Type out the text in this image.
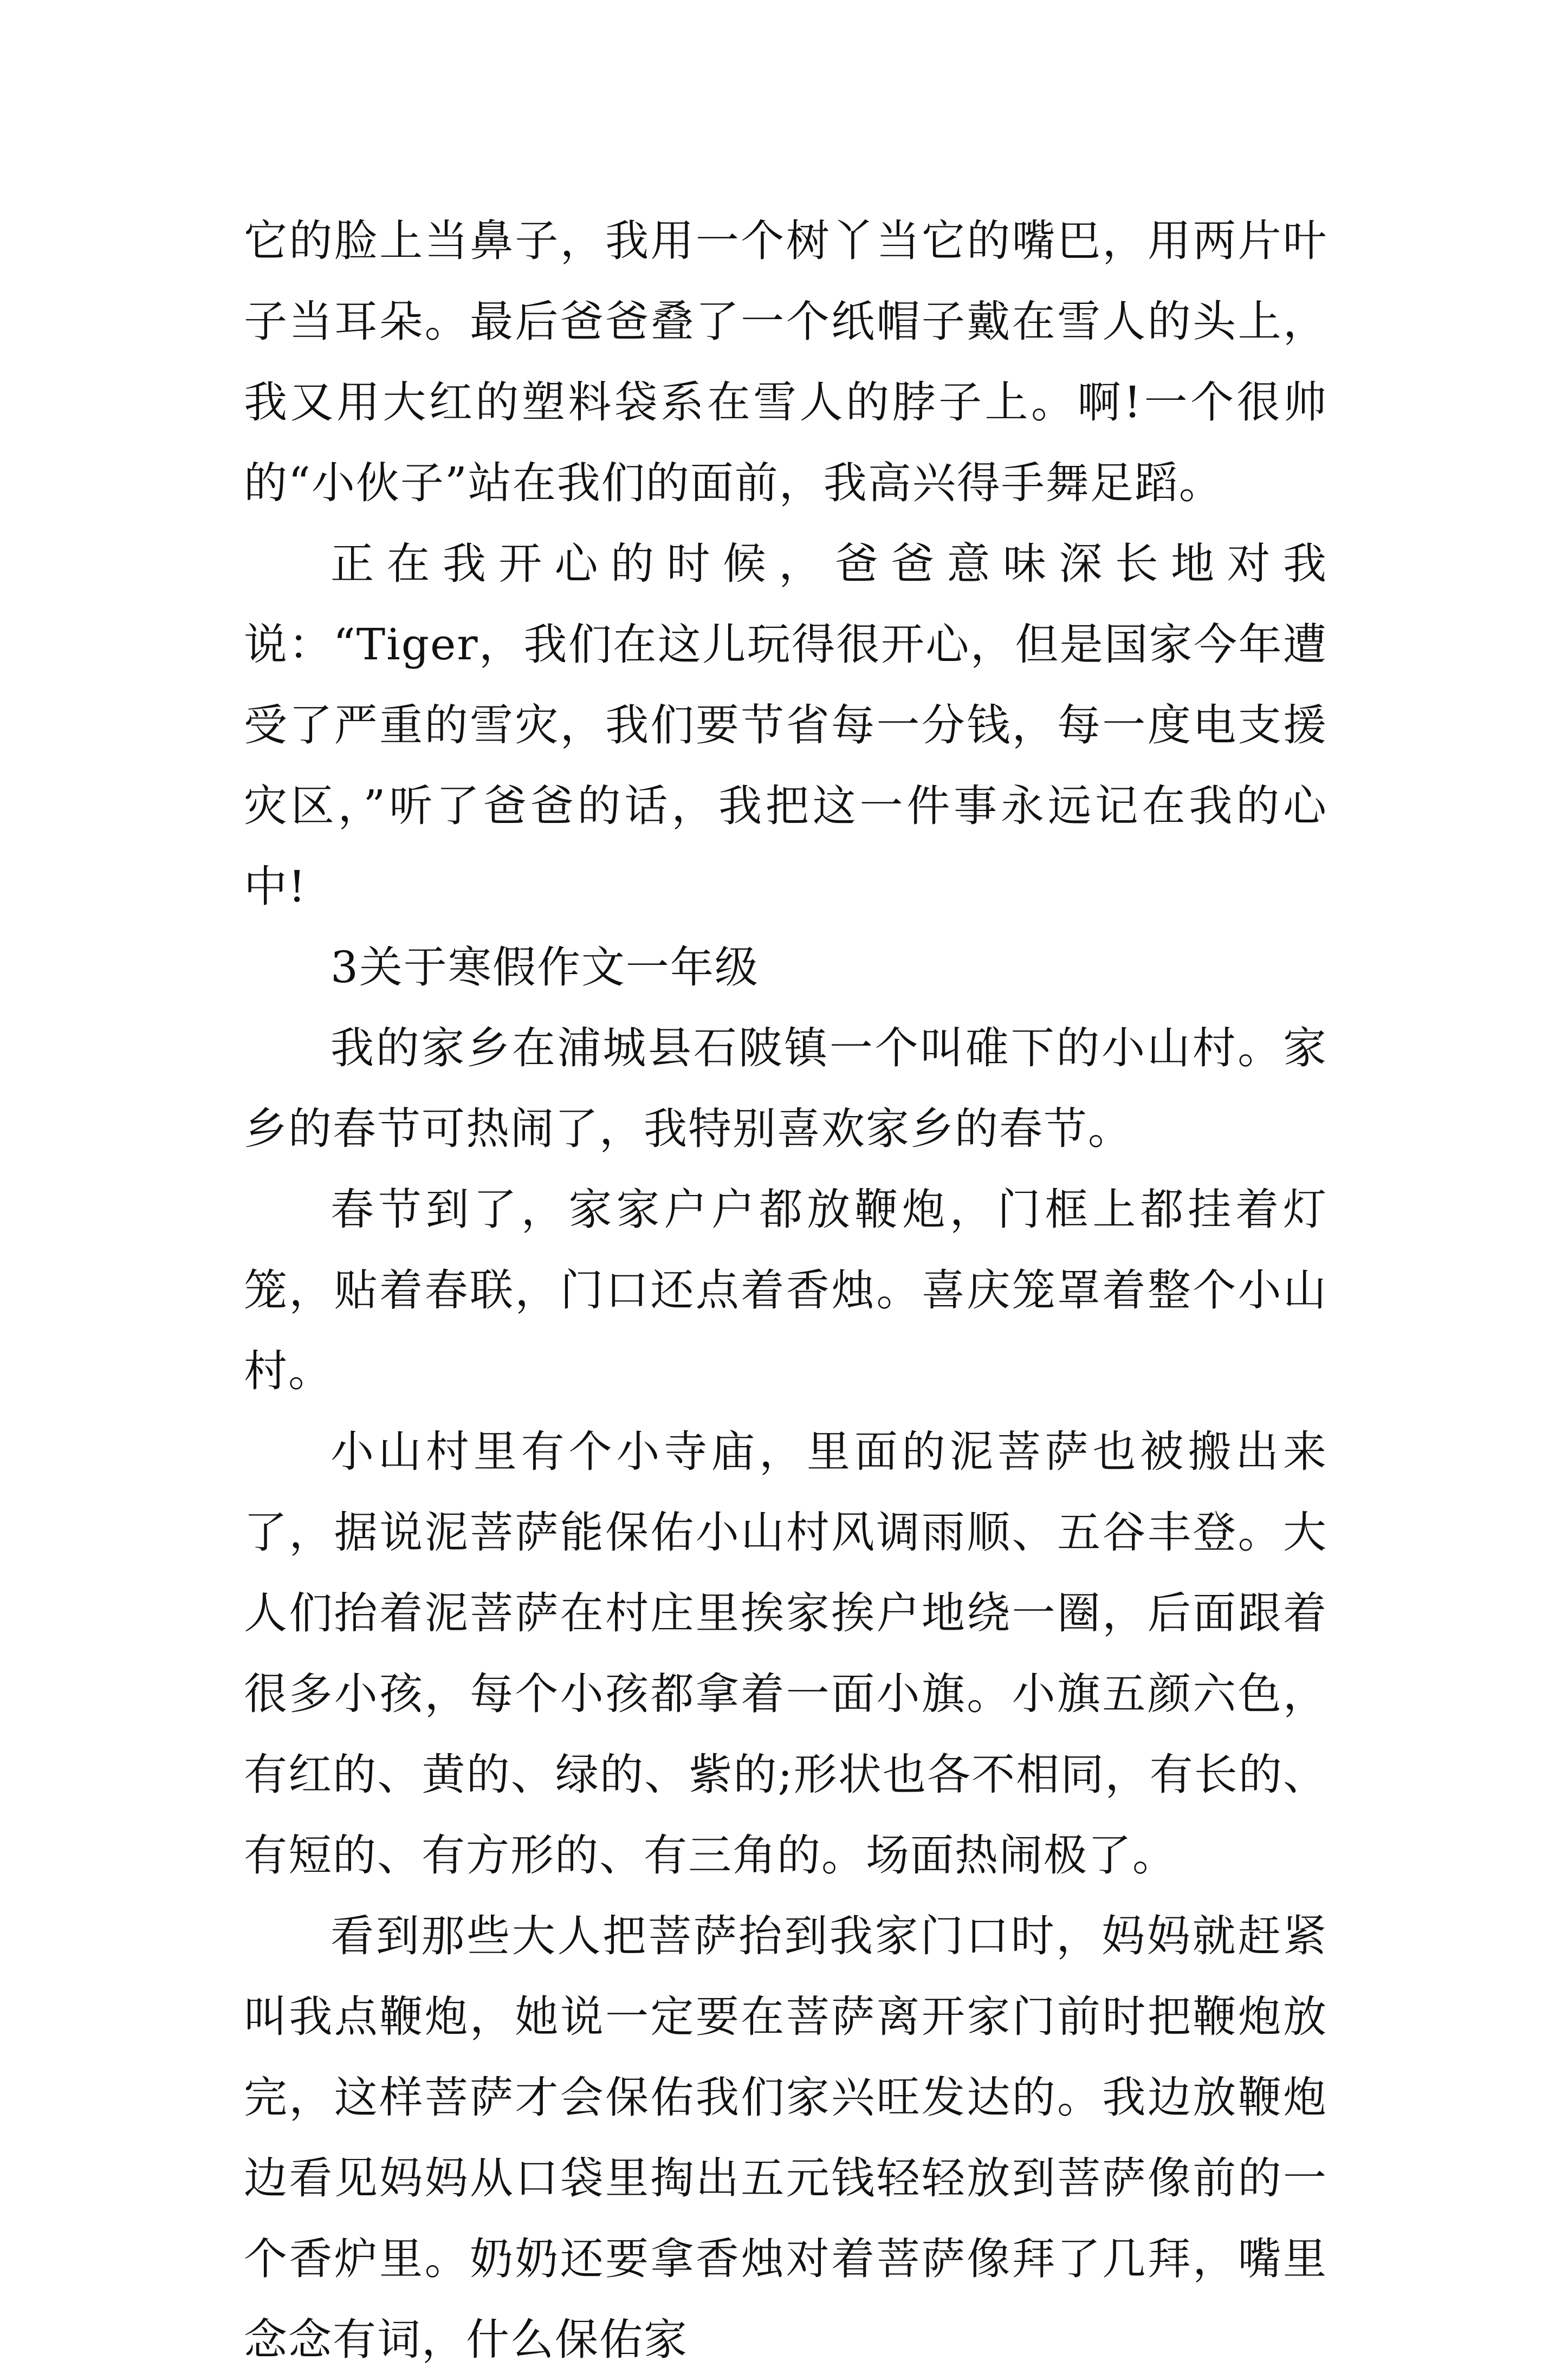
它的脸上当鼻子，我用一个树丫当它的嘴巴，用两片叶子当耳朵。最后爸爸叠了一个纸帽子戴在雪人的头上，我又用大红的塑料袋系在雪人的脖子上。啊!一个很帅的“小伙子”站在我们的面前，我高兴得手舞足蹈。

正在我开心的时候，爸爸意味深长地对我说：“Tiger，我们在这儿玩得很开心，但是国家今年遭受了严重的雪灾，我们要节省每一分钱，每一度电支援灾区，”听了爸爸的话，我把这一件事永远记在我的心中!

3关于寒假作文一年级

我的家乡在浦城县石陂镇一个叫碓下的小山村。家乡的春节可热闹了，我特别喜欢家乡的春节。

春节到了，家家户户都放鞭炮，门框上都挂着灯笼，贴着春联，门口还点着香烛。喜庆笼罩着整个小山村。

小山村里有个小寺庙，里面的泥菩萨也被搬出来了，据说泥菩萨能保佑小山村风调雨顺、五谷丰登。大人们抬着泥菩萨在村庄里挨家挨户地绕一圈，后面跟着很多小孩，每个小孩都拿着一面小旗。小旗五颜六色，有红的、黄的、绿的、紫的;形状也各不相同，有长的、有短的、有方形的、有三角的。场面热闹极了。

看到那些大人把菩萨抬到我家门口时，妈妈就赶紧叫我点鞭炮，她说一定要在菩萨离开家门前时把鞭炮放完，这样菩萨才会保佑我们家兴旺发达的。我边放鞭炮边看见妈妈从口袋里掏出五元钱轻轻放到菩萨像前的一个香炉里。奶奶还要拿香烛对着菩萨像拜了几拜，嘴里念念有词，什么保佑家
